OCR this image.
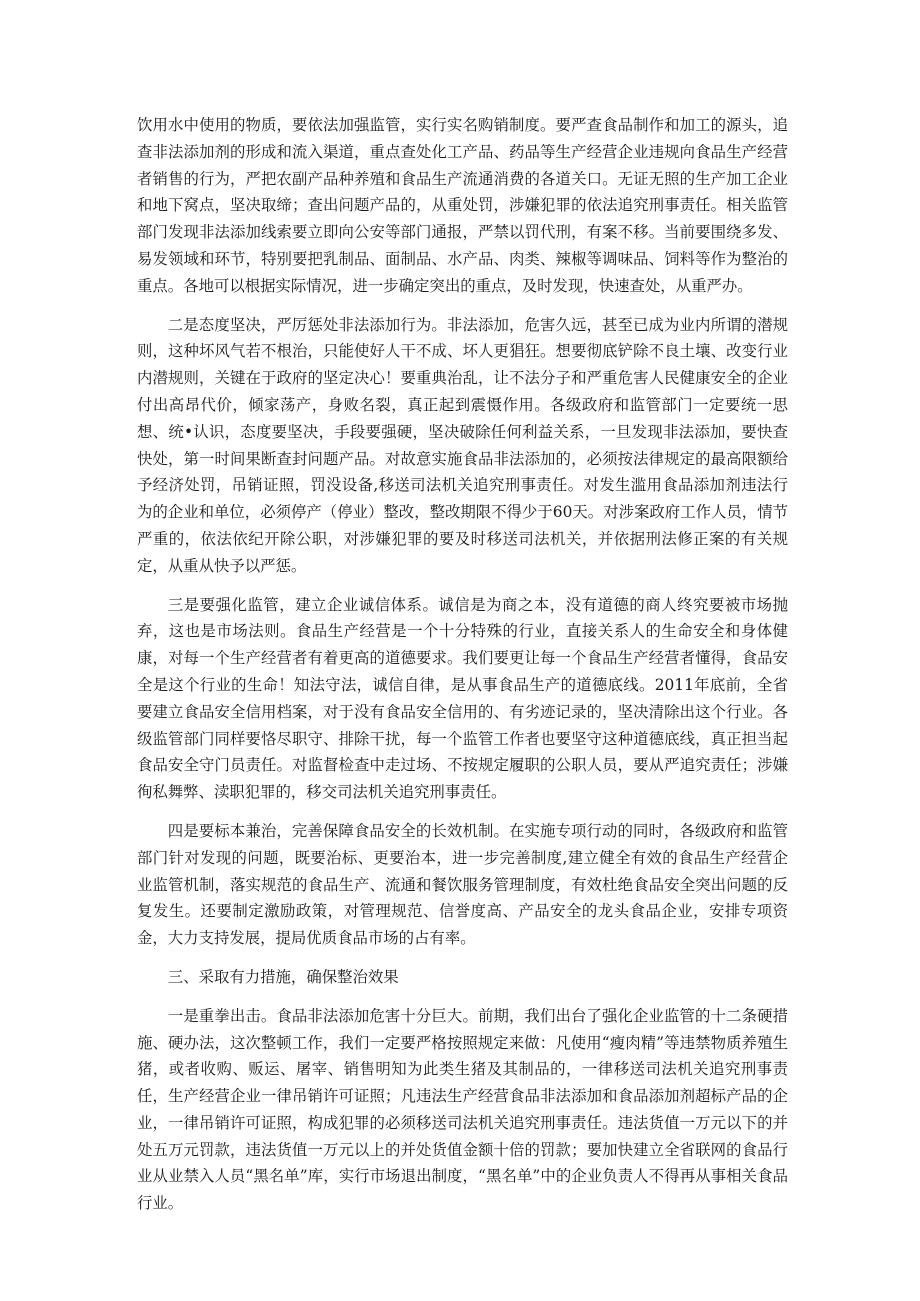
饮用水中使用的物质，要依法加强监管，实行实名购销制度。要严查食品制作和加工的源头，追查非法添加剂的形成和流入渠道，重点查处化工产品、药品等生产经营企业违规向食品生产经营者销售的行为，严把农副产品种养殖和食品生产流通消费的各道关口。无证无照的生产加工企业和地下窝点，坚决取缔；查出问题产品的，从重处罚，涉嫌犯罪的依法追究刑事责任。相关监管部门发现非法添加线索要立即向公安等部门通报，严禁以罚代刑，有案不移。当前要围绕多发、易发领域和环节，特别要把乳制品、面制品、水产品、肉类、辣椒等调味品、饲料等作为整治的重点。各地可以根据实际情况，进一步确定突出的重点，及时发现，快速查处，从重严办。

二是态度坚决，严厉惩处非法添加行为。非法添加，危害久远，甚至已成为业内所谓的潜规则，这种坏风气若不根治，只能使好人干不成、坏人更猖狂。想要彻底铲除不良土壤、改变行业内潜规则，关键在于政府的坚定决心！要重典治乱，让不法分子和严重危害人民健康安全的企业付出高昂代价，倾家荡产，身败名裂，真正起到震慑作用。各级政府和监管部门一定要统一思想、统•认识，态度要坚决，手段要强硬，坚决破除任何利益关系，一旦发现非法添加，要快查快处，第一时间果断查封问题产品。对故意实施食品非法添加的，必须按法律规定的最高限额给予经济处罚，吊销证照，罚没设备,移送司法机关追究刑事责任。对发生滥用食品添加剂违法行为的企业和单位，必须停产（停业）整改，整改期限不得少于60天。对涉案政府工作人员，情节严重的，依法依纪开除公职，对涉嫌犯罪的要及时移送司法机关，并依据刑法修正案的有关规定，从重从快予以严惩。

三是要强化监管，建立企业诚信体系。诚信是为商之本，没有道德的商人终究要被市场抛弃，这也是市场法则。食品生产经营是一个十分特殊的行业，直接关系人的生命安全和身体健康，对每一个生产经营者有着更高的道德要求。我们要更让每一个食品生产经营者懂得，食品安全是这个行业的生命！知法守法，诚信自律，是从事食品生产的道德底线。2011年底前，全省要建立食品安全信用档案，对于没有食品安全信用的、有劣迹记录的，坚决清除出这个行业。各级监管部门同样要恪尽职守、排除干扰，每一个监管工作者也要坚守这种道德底线，真正担当起食品安全守门员责任。对监督检查中走过场、不按规定履职的公职人员，要从严追究责任；涉嫌徇私舞弊、渎职犯罪的，移交司法机关追究刑事责任。

四是要标本兼治，完善保障食品安全的长效机制。在实施专项行动的同时，各级政府和监管部门针对发现的问题，既要治标、更要治本，进一步完善制度,建立健全有效的食品生产经营企业监管机制，落实规范的食品生产、流通和餐饮服务管理制度，有效杜绝食品安全突出问题的反复发生。还要制定激励政策，对管理规范、信誉度高、产品安全的龙头食品企业，安排专项资金，大力支持发展，提局优质食品市场的占有率。

三、采取有力措施，确保整治效果

一是重拳出击。食品非法添加危害十分巨大。前期，我们出台了强化企业监管的十二条硬措施、硬办法，这次整顿工作，我们一定要严格按照规定来做：凡使用“瘦肉精”等违禁物质养殖生猪，或者收购、贩运、屠宰、销售明知为此类生猪及其制品的，一律移送司法机关追究刑事责任，生产经营企业一律吊销许可证照；凡违法生产经营食品非法添加和食品添加剂超标产品的企业，一律吊销许可证照，构成犯罪的必须移送司法机关追究刑事责任。违法货值一万元以下的并处五万元罚款，违法货值一万元以上的并处货值金额十倍的罚款；要加快建立全省联网的食品行业从业禁入人员“黑名单”库，实行市场退出制度，“黑名单”中的企业负责人不得再从事相关食品行业。
